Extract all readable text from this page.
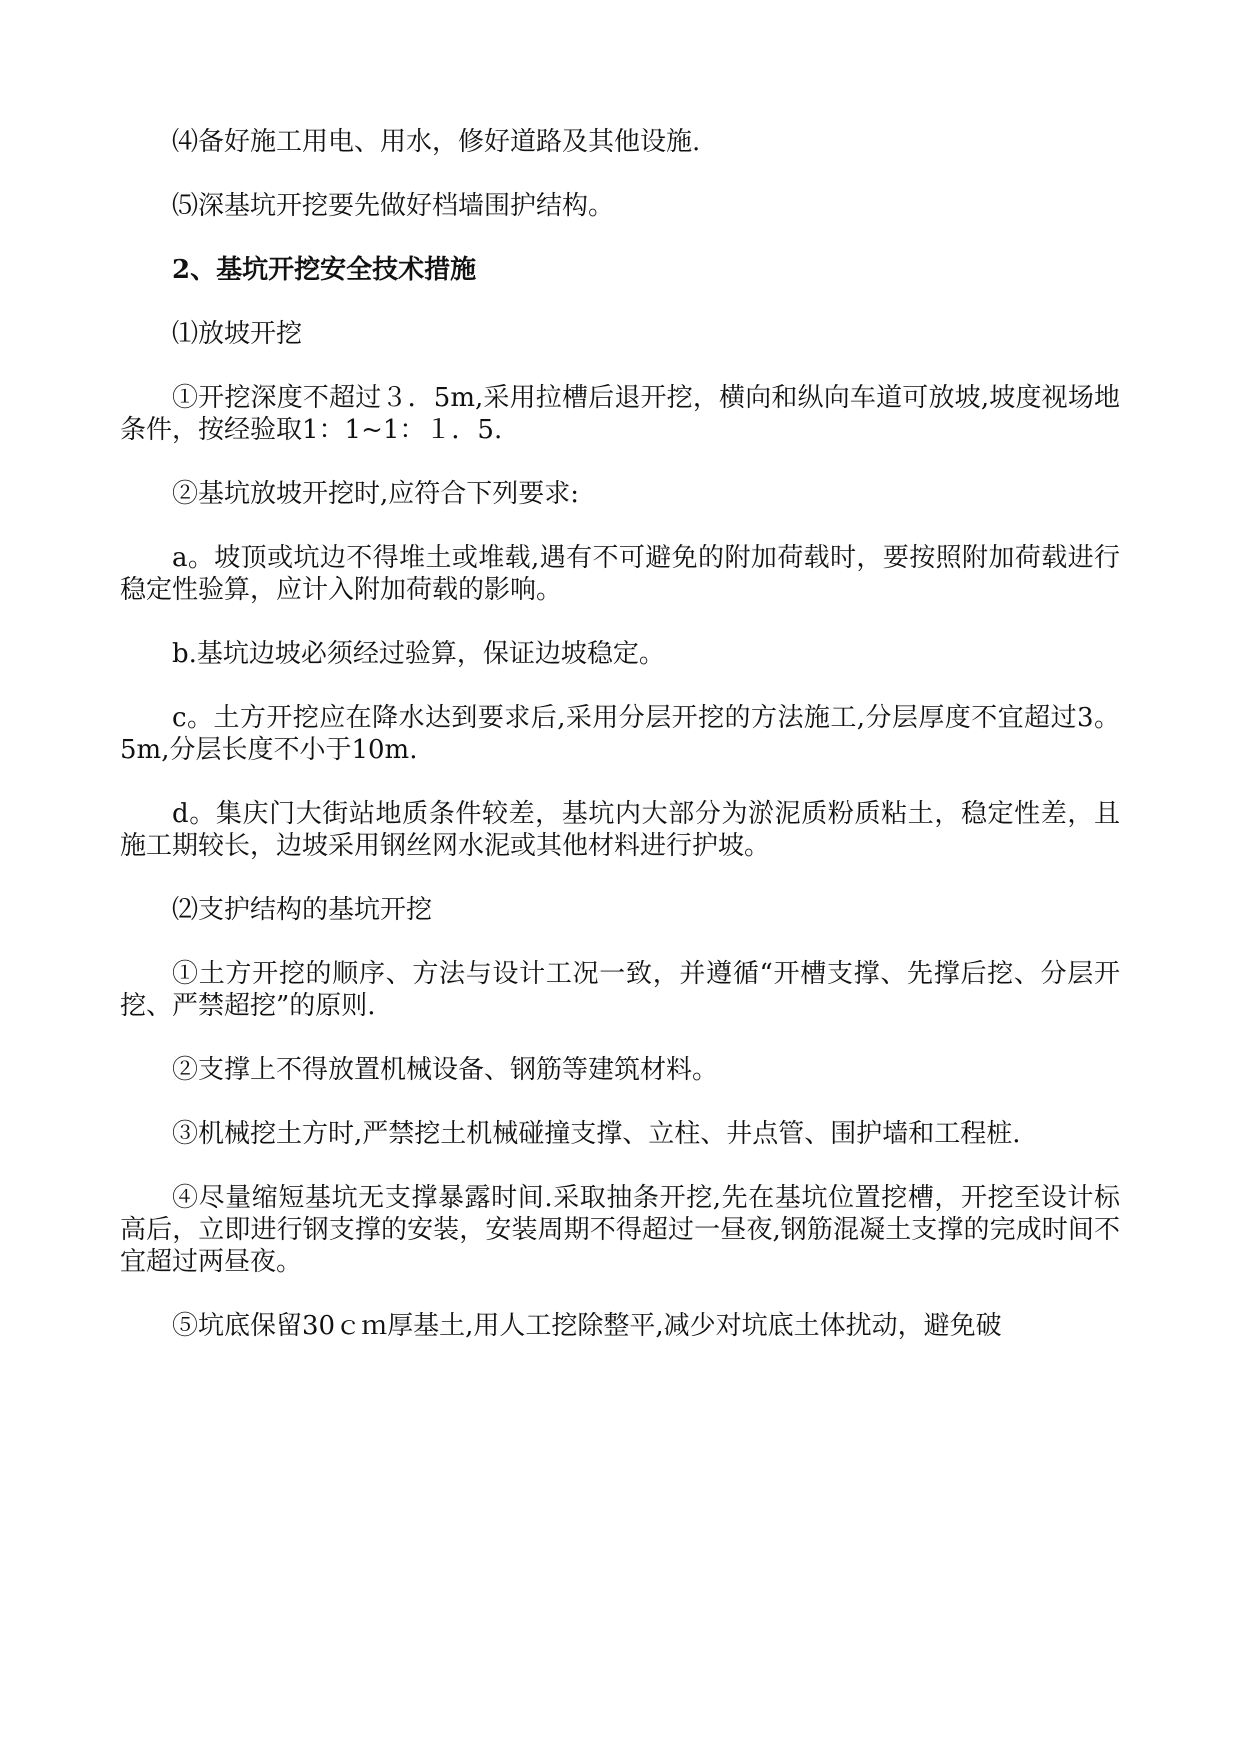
⑷备好施工用电、用水，修好道路及其他设施.

⑸深基坑开挖要先做好档墙围护结构。

2、基坑开挖安全技术措施

⑴放坡开挖

①开挖深度不超过３．5m,采用拉槽后退开挖，横向和纵向车道可放坡,坡度视场地条件，按经验取1：1~1：１．5.

②基坑放坡开挖时,应符合下列要求:

a。坡顶或坑边不得堆土或堆载,遇有不可避免的附加荷载时，要按照附加荷载进行稳定性验算，应计入附加荷载的影响。

b.基坑边坡必须经过验算，保证边坡稳定。

c。土方开挖应在降水达到要求后,采用分层开挖的方法施工,分层厚度不宜超过3。5m,分层长度不小于10m.

d。集庆门大街站地质条件较差，基坑内大部分为淤泥质粉质粘土，稳定性差，且施工期较长，边坡采用钢丝网水泥或其他材料进行护坡。

⑵支护结构的基坑开挖

①土方开挖的顺序、方法与设计工况一致，并遵循“开槽支撑、先撑后挖、分层开挖、严禁超挖”的原则.

②支撑上不得放置机械设备、钢筋等建筑材料。

③机械挖土方时,严禁挖土机械碰撞支撑、立柱、井点管、围护墙和工程桩.

④尽量缩短基坑无支撑暴露时间.采取抽条开挖,先在基坑位置挖槽，开挖至设计标高后，立即进行钢支撑的安装，安装周期不得超过一昼夜,钢筋混凝土支撑的完成时间不宜超过两昼夜。

⑤坑底保留30ｃｍ厚基土,用人工挖除整平,减少对坑底土体扰动，避免破
